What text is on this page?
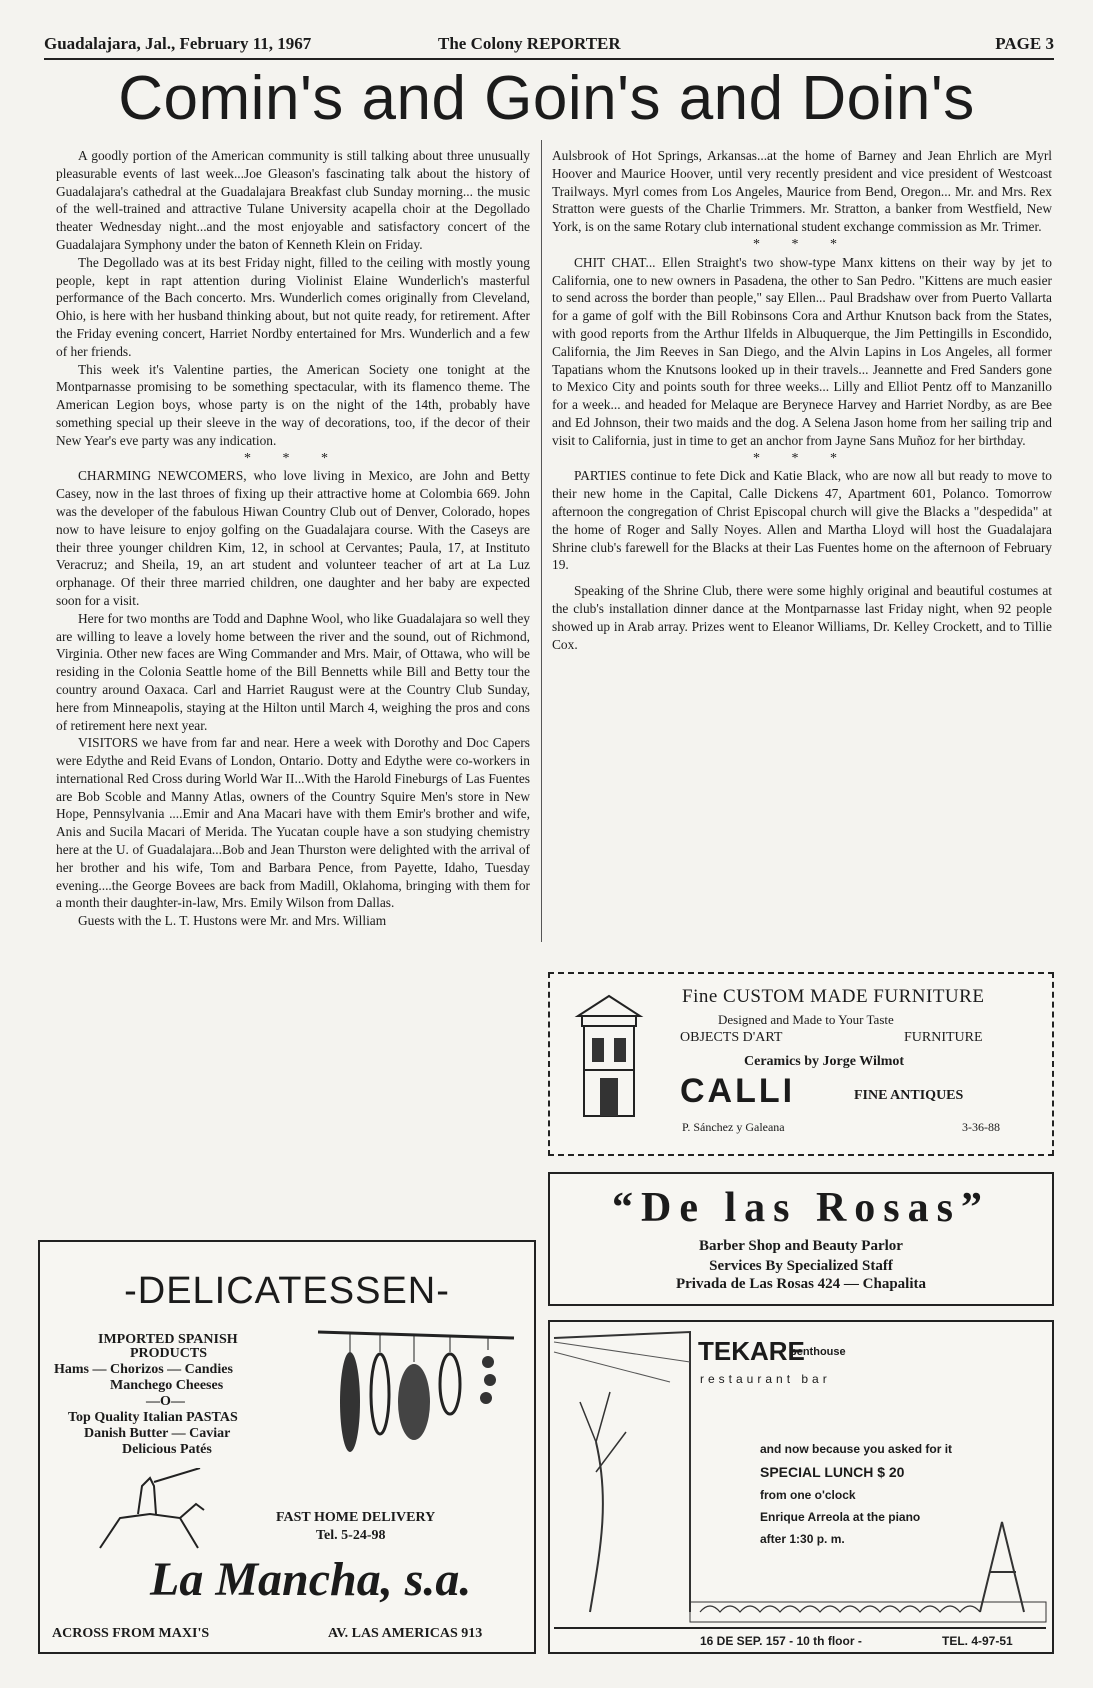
Guadalajara, Jal., February 11, 1967	The Colony REPORTER	PAGE 3
Comin's and Goin's and Doin's

A goodly portion of the American community is still talking about three unusually pleasurable events of last week...Joe Gleason's fascinating talk about the history of Guadalajara's cathedral at the Guadalajara Breakfast club Sunday morning... the music of the well-trained and attractive Tulane University acapella choir at the Degollado theater Wednesday night...and the most enjoyable and satisfactory concert of the Guadalajara Symphony under the baton of Kenneth Klein on Friday.

The Degollado was at its best Friday night, filled to the ceiling with mostly young people, kept in rapt attention during Violinist Elaine Wunderlich's masterful performance of the Bach concerto. Mrs. Wunderlich comes originally from Cleveland, Ohio, is here with her husband thinking about, but not quite ready, for retirement. After the Friday evening concert, Harriet Nordby entertained for Mrs. Wunderlich and a few of her friends.

This week it's Valentine parties, the American Society one tonight at the Montparnasse promising to be something spectacular, with its flamenco theme. The American Legion boys, whose party is on the night of the 14th, probably have something special up their sleeve in the way of decorations, too, if the decor of their New Year's eve party was any indication.

* * *

CHARMING NEWCOMERS, who love living in Mexico, are John and Betty Casey, now in the last throes of fixing up their attractive home at Colombia 669. John was the developer of the fabulous Hiwan Country Club out of Denver, Colorado, hopes now to have leisure to enjoy golfing on the Guadalajara course. With the Caseys are their three younger children Kim, 12, in school at Cervantes; Paula, 17, at Instituto Veracruz; and Sheila, 19, an art student and volunteer teacher of art at La Luz orphanage. Of their three married children, one daughter and her baby are expected soon for a visit.

Here for two months are Todd and Daphne Wool, who like Guadalajara so well they are willing to leave a lovely home between the river and the sound, out of Richmond, Virginia. Other new faces are Wing Commander and Mrs. Mair, of Ottawa, who will be residing in the Colonia Seattle home of the Bill Bennetts while Bill and Betty tour the country around Oaxaca. Carl and Harriet Raugust were at the Country Club Sunday, here from Minneapolis, staying at the Hilton until March 4, weighing the pros and cons of retirement here next year.

VISITORS we have from far and near. Here a week with Dorothy and Doc Capers were Edythe and Reid Evans of London, Ontario. Dotty and Edythe were co-workers in international Red Cross during World War II...With the Harold Fineburgs of Las Fuentes are Bob Scoble and Manny Atlas, owners of the Country Squire Men's store in New Hope, Pennsylvania ....Emir and Ana Macari have with them Emir's brother and wife, Anis and Sucila Macari of Merida. The Yucatan couple have a son studying chemistry here at the U. of Guadalajara...Bob and Jean Thurston were delighted with the arrival of her brother and his wife, Tom and Barbara Pence, from Payette, Idaho, Tuesday evening....the George Bovees are back from Madill, Oklahoma, bringing with them for a month their daughter-in-law, Mrs. Emily Wilson from Dallas.

Guests with the L. T. Hustons were Mr. and Mrs. William

Aulsbrook of Hot Springs, Arkansas...at the home of Barney and Jean Ehrlich are Myrl Hoover and Maurice Hoover, until very recently president and vice president of Westcoast Trailways. Myrl comes from Los Angeles, Maurice from Bend, Oregon... Mr. and Mrs. Rex Stratton were guests of the Charlie Trimmers. Mr. Stratton, a banker from Westfield, New York, is on the same Rotary club international student exchange commission as Mr. Trimer.

* * *

CHIT CHAT... Ellen Straight's two show-type Manx kittens on their way by jet to California, one to new owners in Pasadena, the other to San Pedro. "Kittens are much easier to send across the border than people," say Ellen... Paul Bradshaw over from Puerto Vallarta for a game of golf with the Bill Robinsons Cora and Arthur Knutson back from the States, with good reports from the Arthur Ilfelds in Albuquerque, the Jim Pettingills in Escondido, California, the Jim Reeves in San Diego, and the Alvin Lapins in Los Angeles, all former Tapatians whom the Knutsons looked up in their travels... Jeannette and Fred Sanders gone to Mexico City and points south for three weeks... Lilly and Elliot Pentz off to Manzanillo for a week... and headed for Melaque are Berynece Harvey and Harriet Nordby, as are Bee and Ed Johnson, their two maids and the dog. A Selena Jason home from her sailing trip and visit to California, just in time to get an anchor from Jayne Sans Muñoz for her birthday.

* * *

PARTIES continue to fete Dick and Katie Black, who are now all but ready to move to their new home in the Capital, Calle Dickens 47, Apartment 601, Polanco. Tomorrow afternoon the congregation of Christ Episcopal church will give the Blacks a "despedida" at the home of Roger and Sally Noyes. Allen and Martha Lloyd will host the Guadalajara Shrine club's farewell for the Blacks at their Las Fuentes home on the afternoon of February 19.

Speaking of the Shrine Club, there were some highly original and beautiful costumes at the club's installation dinner dance at the Montparnasse last Friday night, when 92 people showed up in Arab array. Prizes went to Eleanor Williams, Dr. Kelley Crockett, and to Tillie Cox.

Fine CUSTOM MADE FURNITURE
Designed and Made to Your Taste
OBJECTS D'ART	FURNITURE
Ceramics by Jorge Wilmot
CALLI	FINE ANTIQUES
P. Sánchez y Galeana	3-36-88
“De las Rosas”
Barber Shop and Beauty Parlor
Services By Specialized Staff
Privada de Las Rosas 424 — Chapalita
TEKARE
penthouse
restaurant bar
and now because you asked for it
SPECIAL LUNCH $ 20
from one o'clock
Enrique Arreola at the piano
after 1:30 p. m.
16 DE SEP. 157 - 10 th floor -	TEL. 4-97-51
-DELICATESSEN-
IMPORTED SPANISH
PRODUCTS
Hams — Chorizos — Candies
Manchego Cheeses
—O—
Top Quality Italian PASTAS
Danish Butter — Caviar
Delicious Patés
FAST HOME DELIVERY
Tel. 5-24-98
La Mancha, s.a.
ACROSS FROM MAXI'S	AV. LAS AMERICAS 913
